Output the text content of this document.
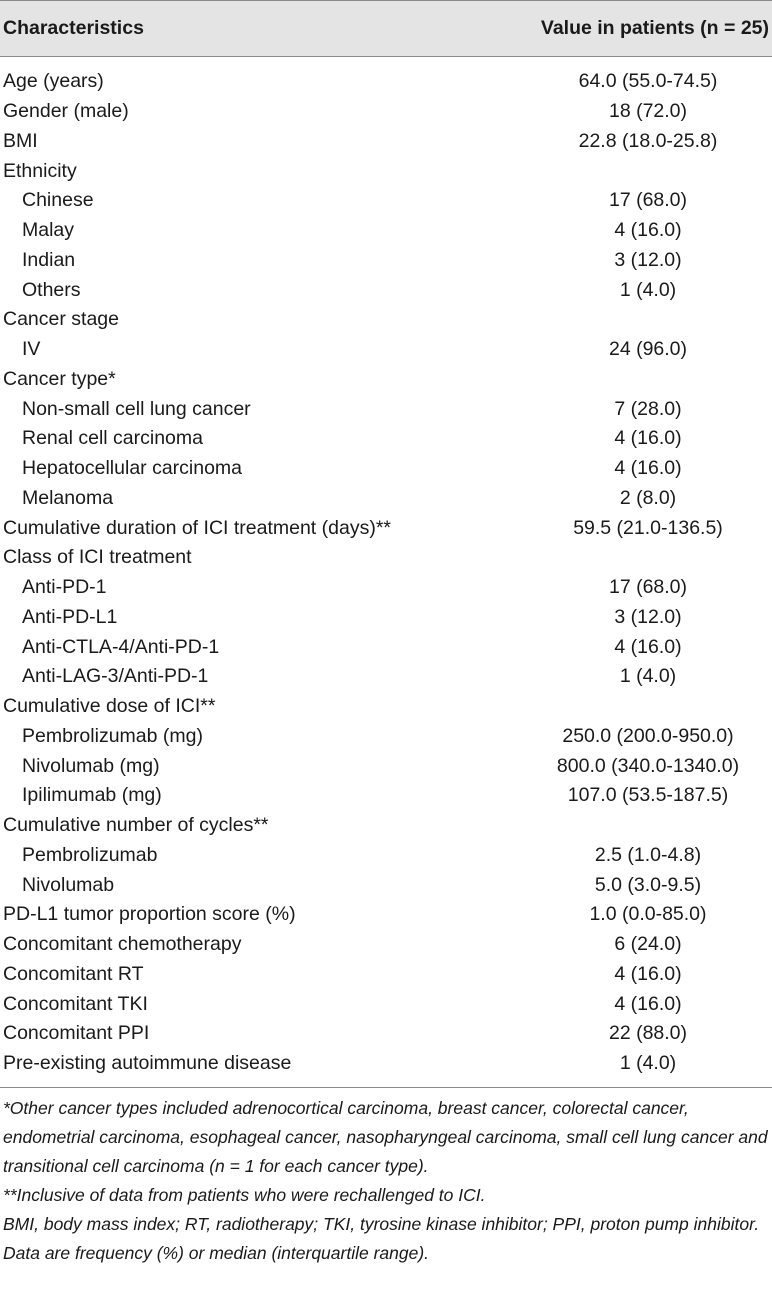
Characteristics	Value in patients (n = 25)
Age (years)	64.0 (55.0-74.5)
Gender (male)	18 (72.0)
BMI	22.8 (18.0-25.8)
Ethnicity
Chinese	17 (68.0)
Malay	4 (16.0)
Indian	3 (12.0)
Others	1 (4.0)
Cancer stage
IV	24 (96.0)
Cancer type*
Non-small cell lung cancer	7 (28.0)
Renal cell carcinoma	4 (16.0)
Hepatocellular carcinoma	4 (16.0)
Melanoma	2 (8.0)
Cumulative duration of ICI treatment (days)**	59.5 (21.0-136.5)
Class of ICI treatment
Anti-PD-1	17 (68.0)
Anti-PD-L1	3 (12.0)
Anti-CTLA-4/Anti-PD-1	4 (16.0)
Anti-LAG-3/Anti-PD-1	1 (4.0)
Cumulative dose of ICI**
Pembrolizumab (mg)	250.0 (200.0-950.0)
Nivolumab (mg)	800.0 (340.0-1340.0)
Ipilimumab (mg)	107.0 (53.5-187.5)
Cumulative number of cycles**
Pembrolizumab	2.5 (1.0-4.8)
Nivolumab	5.0 (3.0-9.5)
PD-L1 tumor proportion score (%)	1.0 (0.0-85.0)
Concomitant chemotherapy	6 (24.0)
Concomitant RT	4 (16.0)
Concomitant TKI	4 (16.0)
Concomitant PPI	22 (88.0)
Pre-existing autoimmune disease	1 (4.0)

*Other cancer types included adrenocortical carcinoma, breast cancer, colorectal cancer, endometrial carcinoma, esophageal cancer, nasopharyngeal carcinoma, small cell lung cancer and transitional cell carcinoma (n = 1 for each cancer type).

**Inclusive of data from patients who were rechallenged to ICI.

BMI, body mass index; RT, radiotherapy; TKI, tyrosine kinase inhibitor; PPI, proton pump inhibitor.

Data are frequency (%) or median (interquartile range).
